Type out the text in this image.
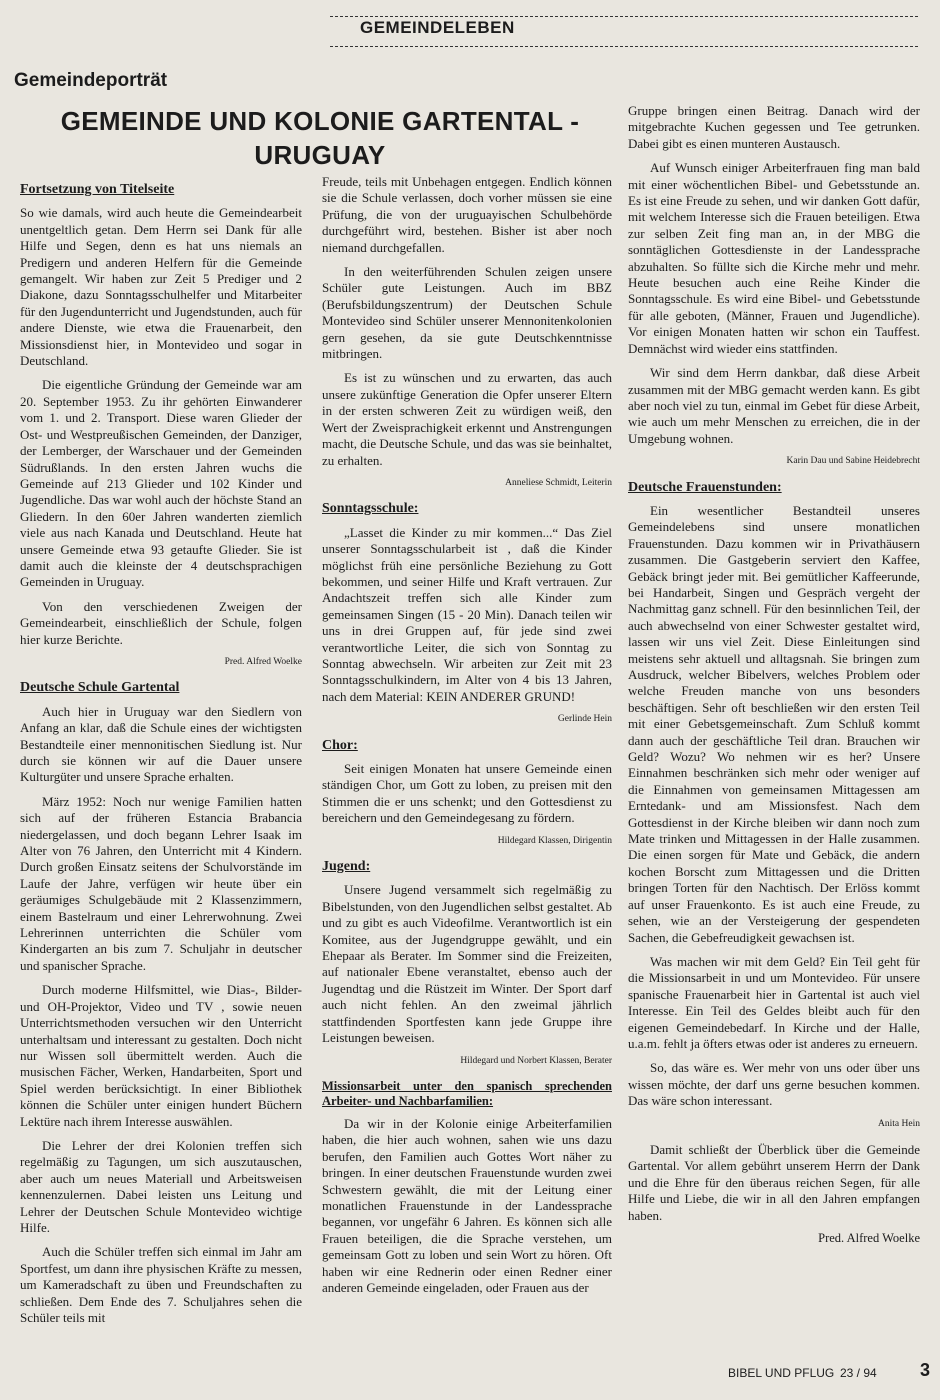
GEMEINDELEBEN
Gemeindeporträt
GEMEINDE UND KOLONIE GARTENTAL -
URUGUAY
Fortsetzung von Titelseite

So wie damals, wird auch heute die Gemeindearbeit unentgeltlich getan. Dem Herrn sei Dank für alle Hilfe und Segen, denn es hat uns niemals an Predigern und anderen Helfern für die Gemeinde gemangelt. Wir haben zur Zeit 5 Prediger und 2 Diakone, dazu Sonntagsschulhelfer und Mitarbeiter für den Jugendunterricht und Jugendstunden, auch für andere Dienste, wie etwa die Frauenarbeit, den Missionsdienst hier, in Montevideo und sogar in Deutschland.

Die eigentliche Gründung der Gemeinde war am 20. September 1953. Zu ihr gehörten Einwanderer vom 1. und 2. Transport. Diese waren Glieder der Ost- und Westpreußischen Gemeinden, der Danziger, der Lemberger, der Warschauer und der Gemeinden Südrußlands. In den ersten Jahren wuchs die Gemeinde auf 213 Glieder und 102 Kinder und Jugendliche. Das war wohl auch der höchste Stand an Gliedern. In den 60er Jahren wanderten ziemlich viele aus nach Kanada und Deutschland. Heute hat unsere Gemeinde etwa 93 getaufte Glieder. Sie ist damit auch die kleinste der 4 deutschsprachigen Gemeinden in Uruguay.

Von den verschiedenen Zweigen der Gemeindearbeit, einschließlich der Schule, folgen hier kurze Berichte.

Pred. Alfred Woelke
Deutsche Schule Gartental

Auch hier in Uruguay war den Siedlern von Anfang an klar, daß die Schule eines der wichtigsten Bestandteile einer mennonitischen Siedlung ist. Nur durch sie können wir auf die Dauer unsere Kulturgüter und unsere Sprache erhalten.

März 1952: Noch nur wenige Familien hatten sich auf der früheren Estancia Brabancia niedergelassen, und doch begann Lehrer Isaak im Alter von 76 Jahren, den Unterricht mit 4 Kindern. Durch großen Einsatz seitens der Schulvorstände im Laufe der Jahre, verfügen wir heute über ein geräumiges Schulgebäude mit 2 Klassenzimmern, einem Bastelraum und einer Lehrerwohnung. Zwei Lehrerinnen unterrichten die Schüler vom Kindergarten an bis zum 7. Schuljahr in deutscher und spanischer Sprache.

Durch moderne Hilfsmittel, wie Dias-, Bilder- und OH-Projektor, Video und TV , sowie neuen Unterrichtsmethoden versuchen wir den Unterricht unterhaltsam und interessant zu gestalten. Doch nicht nur Wissen soll übermittelt werden. Auch die musischen Fächer, Werken, Handarbeiten, Sport und Spiel werden berücksichtigt. In einer Bibliothek können die Schüler unter einigen hundert Büchern Lektüre nach ihrem Interesse auswählen.

Die Lehrer der drei Kolonien treffen sich regelmäßig zu Tagungen, um sich auszutauschen, aber auch um neues Materiall und Arbeitsweisen kennenzulernen. Dabei leisten uns Leitung und Lehrer der Deutschen Schule Montevideo wichtige Hilfe.

Auch die Schüler treffen sich einmal im Jahr am Sportfest, um dann ihre physischen Kräfte zu messen, um Kameradschaft zu üben und Freundschaften zu schließen. Dem Ende des 7. Schuljahres sehen die Schüler teils mit

Freude, teils mit Unbehagen entgegen. Endlich können sie die Schule verlassen, doch vorher müssen sie eine Prüfung, die von der uruguayischen Schulbehörde durchgeführt wird, bestehen. Bisher ist aber noch niemand durchgefallen.

In den weiterführenden Schulen zeigen unsere Schüler gute Leistungen. Auch im BBZ (Berufsbildungszentrum) der Deutschen Schule Montevideo sind Schüler unserer Mennonitenkolonien gern gesehen, da sie gute Deutschkenntnisse mitbringen.

Es ist zu wünschen und zu erwarten, das auch unsere zukünftige Generation die Opfer unserer Eltern in der ersten schweren Zeit zu würdigen weiß, den Wert der Zweisprachigkeit erkennt und Anstrengungen macht, die Deutsche Schule, und das was sie beinhaltet, zu erhalten.

Anneliese Schmidt, Leiterin
Sonntagsschule:

„Lasset die Kinder zu mir kommen...“ Das Ziel unserer Sonntagsschularbeit ist , daß die Kinder möglichst früh eine persönliche Beziehung zu Gott bekommen, und seiner Hilfe und Kraft vertrauen. Zur Andachtszeit treffen sich alle Kinder zum gemeinsamen Singen (15 - 20 Min). Danach teilen wir uns in drei Gruppen auf, für jede sind zwei verantwortliche Leiter, die sich von Sonntag zu Sonntag abwechseln. Wir arbeiten zur Zeit mit 23 Sonntagsschulkindern, im Alter von 4 bis 13 Jahren, nach dem Material: KEIN ANDERER GRUND!

Gerlinde Hein
Chor:

Seit einigen Monaten hat unsere Gemeinde einen ständigen Chor, um Gott zu loben, zu preisen mit den Stimmen die er uns schenkt; und den Gottesdienst zu bereichern und den Gemeindegesang zu fördern.

Hildegard Klassen, Dirigentin
Jugend:

Unsere Jugend versammelt sich regelmäßig zu Bibelstunden, von den Jugendlichen selbst gestaltet. Ab und zu gibt es auch Videofilme. Verantwortlich ist ein Komitee, aus der Jugendgruppe gewählt, und ein Ehepaar als Berater. Im Sommer sind die Freizeiten, auf nationaler Ebene veranstaltet, ebenso auch der Jugendtag und die Rüstzeit im Winter. Der Sport darf auch nicht fehlen. An den zweimal jährlich stattfindenden Sportfesten kann jede Gruppe ihre Leistungen beweisen.

Hildegard und Norbert Klassen, Berater
Missionsarbeit unter den spanisch sprechenden Arbeiter- und Nachbarfamilien:

Da wir in der Kolonie einige Arbeiterfamilien haben, die hier auch wohnen, sahen wie uns dazu berufen, den Familien auch Gottes Wort näher zu bringen. In einer deutschen Frauenstunde wurden zwei Schwestern gewählt, die mit der Leitung einer monatlichen Frauenstunde in der Landessprache begannen, vor ungefähr 6 Jahren. Es können sich alle Frauen beteiligen, die die Sprache verstehen, um gemeinsam Gott zu loben und sein Wort zu hören. Oft haben wir eine Rednerin oder einen Redner einer anderen Gemeinde eingeladen, oder Frauen aus der

Gruppe bringen einen Beitrag. Danach wird der mitgebrachte Kuchen gegessen und Tee getrunken. Dabei gibt es einen munteren Austausch.

Auf Wunsch einiger Arbeiterfrauen fing man bald mit einer wöchentlichen Bibel- und Gebetsstunde an. Es ist eine Freude zu sehen, und wir danken Gott dafür, mit welchem Interesse sich die Frauen beteiligen. Etwa zur selben Zeit fing man an, in der MBG die sonntäglichen Gottesdienste in der Landessprache abzuhalten. So füllte sich die Kirche mehr und mehr. Heute besuchen auch eine Reihe Kinder die Sonntagsschule. Es wird eine Bibel- und Gebetsstunde für alle geboten, (Männer, Frauen und Jugendliche). Vor einigen Monaten hatten wir schon ein Tauffest. Demnächst wird wieder eins stattfinden.

Wir sind dem Herrn dankbar, daß diese Arbeit zusammen mit der MBG gemacht werden kann. Es gibt aber noch viel zu tun, einmal im Gebet für diese Arbeit, wie auch um mehr Menschen zu erreichen, die in der Umgebung wohnen.

Karin Dau und Sabine Heidebrecht
Deutsche Frauenstunden:

Ein wesentlicher Bestandteil unseres Gemeindelebens sind unsere monatlichen Frauenstunden. Dazu kommen wir in Privathäusern zusammen. Die Gastgeberin serviert den Kaffee, Gebäck bringt jeder mit. Bei gemütlicher Kaffeerunde, bei Handarbeit, Singen und Gespräch vergeht der Nachmittag ganz schnell. Für den besinnlichen Teil, der auch abwechselnd von einer Schwester gestaltet wird, lassen wir uns viel Zeit. Diese Einleitungen sind meistens sehr aktuell und alltagsnah. Sie bringen zum Ausdruck, welcher Bibelvers, welches Problem oder welche Freuden manche von uns besonders beschäftigen. Sehr oft beschließen wir den ersten Teil mit einer Gebetsgemeinschaft. Zum Schluß kommt dann auch der geschäftliche Teil dran. Brauchen wir Geld? Wozu? Wo nehmen wir es her? Unsere Einnahmen beschränken sich mehr oder weniger auf die Einnahmen von gemeinsamen Mittagessen am Erntedank- und am Missionsfest. Nach dem Gottesdienst in der Kirche bleiben wir dann noch zum Mate trinken und Mittagessen in der Halle zusammen. Die einen sorgen für Mate und Gebäck, die andern kochen Borscht zum Mittagessen und die Dritten bringen Torten für den Nachtisch. Der Erlöss kommt auf unser Frauenkonto. Es ist auch eine Freude, zu sehen, wie an der Versteigerung der gespendeten Sachen, die Gebefreudigkeit gewachsen ist.

Was machen wir mit dem Geld? Ein Teil geht für die Missionsarbeit in und um Montevideo. Für unsere spanische Frauenarbeit hier in Gartental ist auch viel Interesse. Ein Teil des Geldes bleibt auch für den eigenen Gemeindebedarf. In Kirche und der Halle, u.a.m. fehlt ja öfters etwas oder ist anderes zu erneuern.

So, das wäre es. Wer mehr von uns oder über uns wissen möchte, der darf uns gerne besuchen kommen. Das wäre schon interessant.

Anita Hein

Damit schließt der Überblick über die Gemeinde Gartental. Vor allem gebührt unserem Herrn der Dank und die Ehre für den überaus reichen Segen, für alle Hilfe und Liebe, die wir in all den Jahren empfangen haben.

Pred. Alfred Woelke
BIBEL UND PFLUG 23 / 94 3
